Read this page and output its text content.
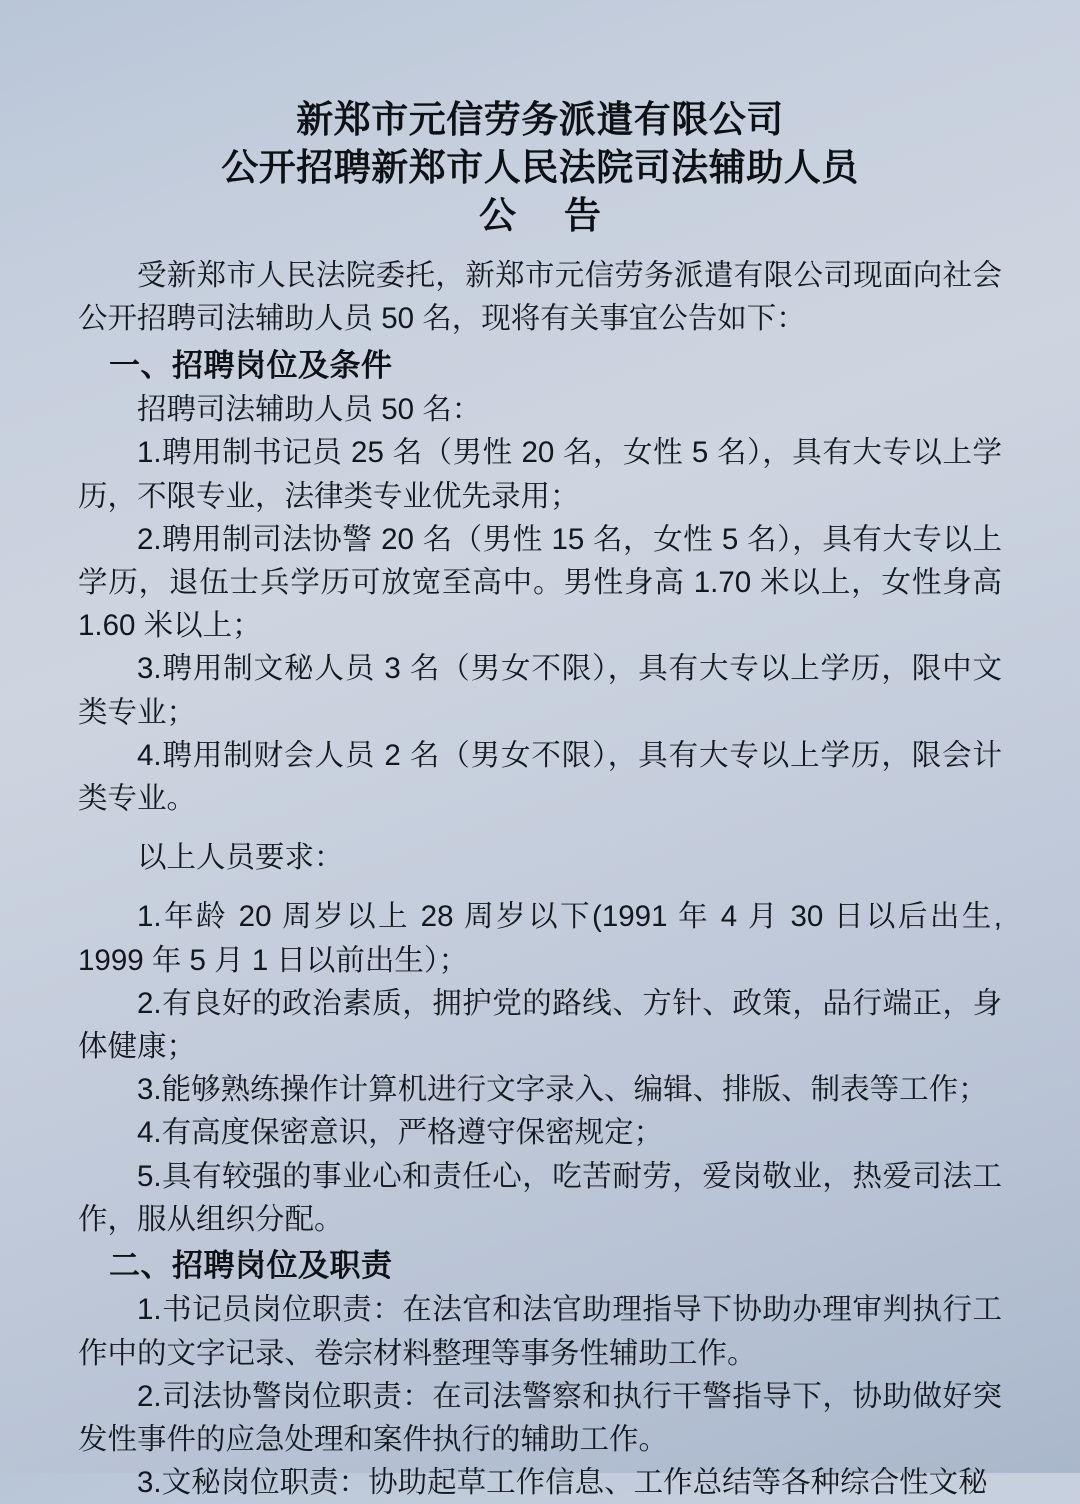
新郑市元信劳务派遣有限公司
公开招聘新郑市人民法院司法辅助人员
公告

受新郑市人民法院委托，新郑市元信劳务派遣有限公司现面向社会公开招聘司法辅助人员 50 名，现将有关事宜公告如下：

一、招聘岗位及条件

招聘司法辅助人员 50 名：

1.聘用制书记员 25 名（男性 20 名，女性 5 名），具有大专以上学历，不限专业，法律类专业优先录用；

2.聘用制司法协警 20 名（男性 15 名，女性 5 名），具有大专以上学历，退伍士兵学历可放宽至高中。男性身高 1.70 米以上，女性身高 1.60 米以上；

3.聘用制文秘人员 3 名（男女不限），具有大专以上学历，限中文类专业；

4.聘用制财会人员 2 名（男女不限），具有大专以上学历，限会计类专业。

以上人员要求：

1.年龄 20 周岁以上 28 周岁以下(1991 年 4 月 30 日以后出生, 1999 年 5 月 1 日以前出生）；

2.有良好的政治素质，拥护党的路线、方针、政策，品行端正，身体健康；

3.能够熟练操作计算机进行文字录入、编辑、排版、制表等工作；

4.有高度保密意识，严格遵守保密规定；

5.具有较强的事业心和责任心，吃苦耐劳，爱岗敬业，热爱司法工作，服从组织分配。

二、招聘岗位及职责

1.书记员岗位职责：在法官和法官助理指导下协助办理审判执行工作中的文字记录、卷宗材料整理等事务性辅助工作。

2.司法协警岗位职责：在司法警察和执行干警指导下，协助做好突发性事件的应急处理和案件执行的辅助工作。

3.文秘岗位职责：协助起草工作信息、工作总结等各种综合性文秘
